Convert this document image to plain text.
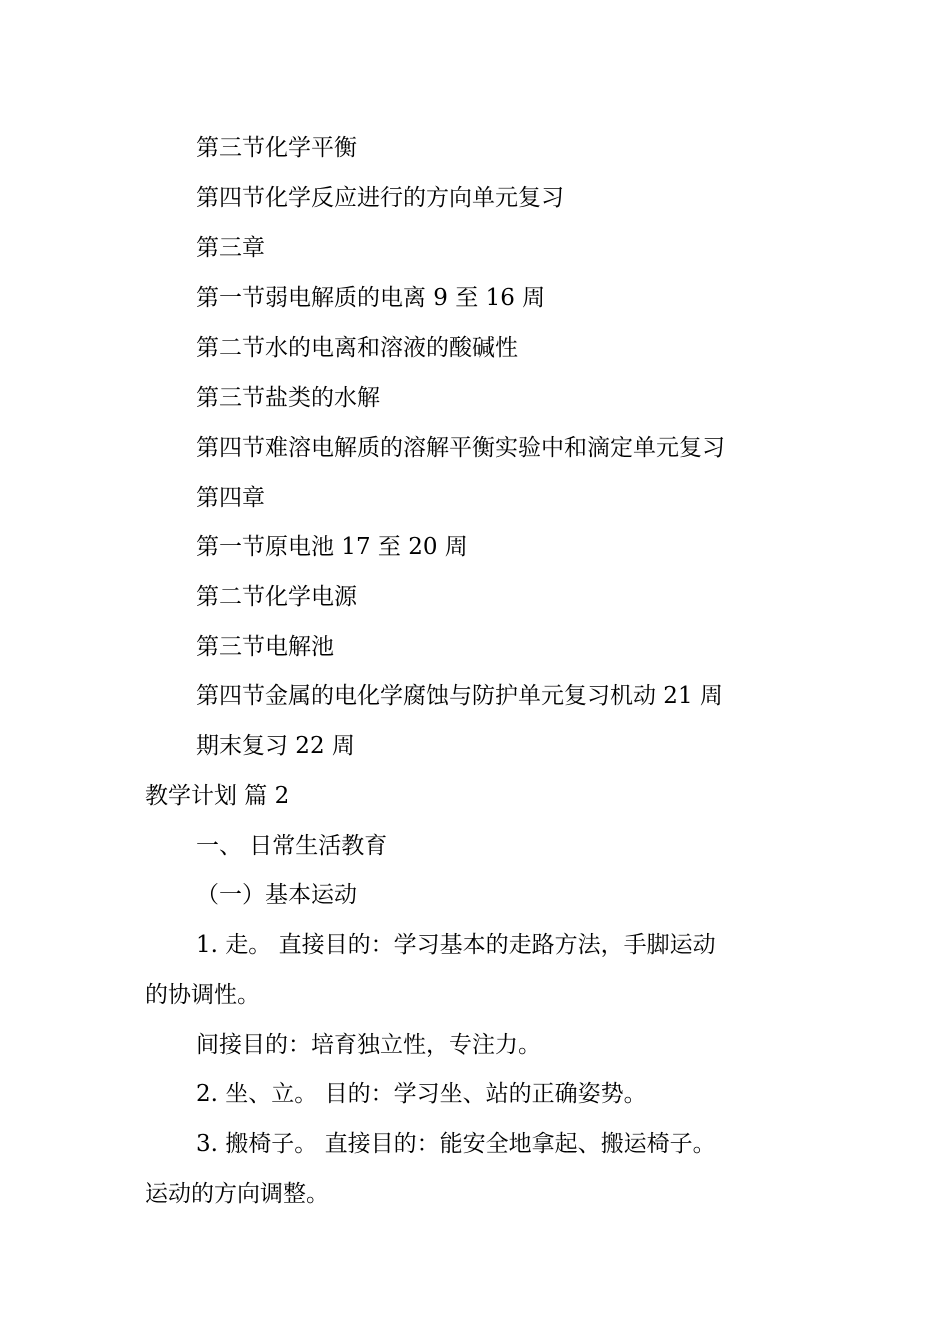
第三节化学平衡
第四节化学反应进行的方向单元复习
第三章
第一节弱电解质的电离 9 至 16 周
第二节水的电离和溶液的酸碱性
第三节盐类的水解
第四节难溶电解质的溶解平衡实验中和滴定单元复习
第四章
第一节原电池 17 至 20 周
第二节化学电源
第三节电解池
第四节金属的电化学腐蚀与防护单元复习机动 21 周
期末复习 22 周
教学计划 篇 2
一、 日常生活教育
（一）基本运动
1. 走。 直接目的：学习基本的走路方法，手脚运动
的协调性。
间接目的：培育独立性，专注力。
2. 坐、立。 目的：学习坐、站的正确姿势。
3. 搬椅子。 直接目的：能安全地拿起、搬运椅子。
运动的方向调整。
